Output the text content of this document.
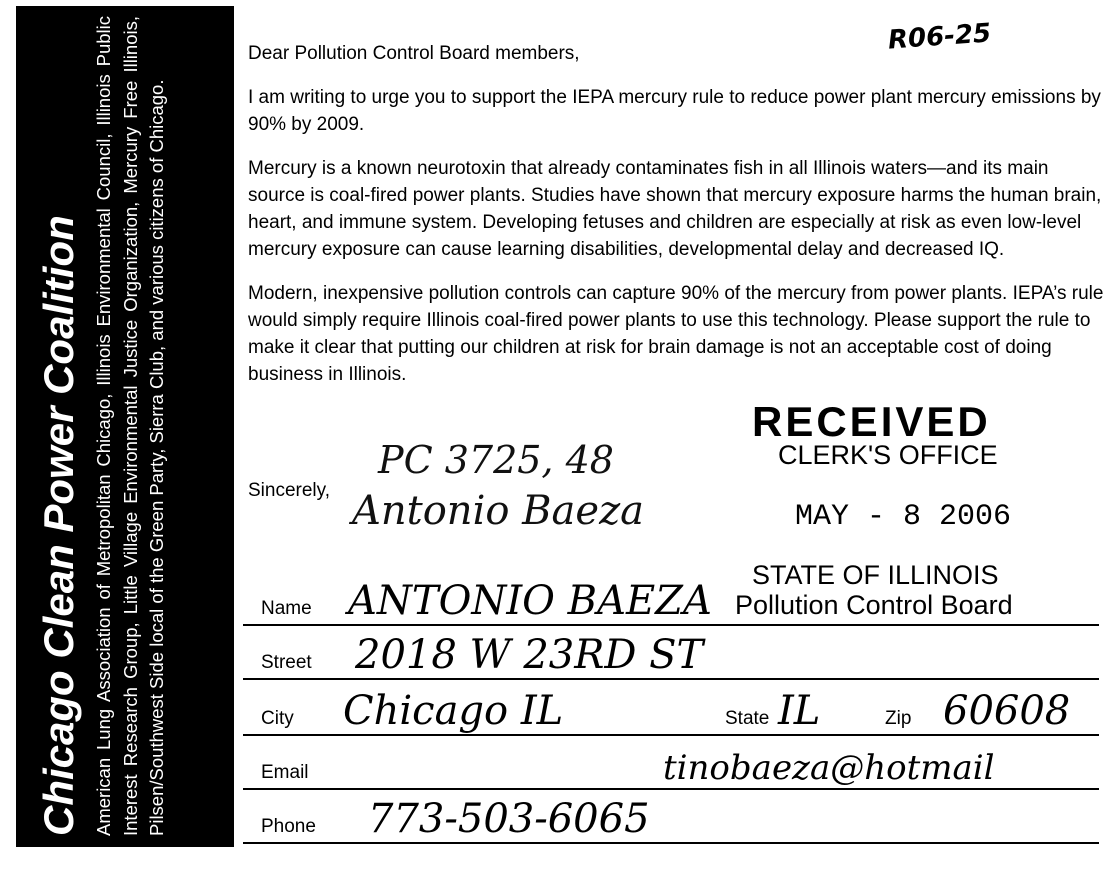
Chicago Clean Power Coalition American Lung Association of Metropolitan Chicago, Illinois Environmental Council, Illinois Public Interest Research Group, Little Village Environmental Justice Organization, Mercury Free Illinois, Pilsen/Southwest Side local of the Green Party, Sierra Club, and various citizens of Chicago.
R06-25

Dear Pollution Control Board members,

I am writing to urge you to support the IEPA mercury rule to reduce power plant mercury emissions by 90% by 2009.

Mercury is a known neurotoxin that already contaminates fish in all Illinois waters—and its main source is coal-fired power plants. Studies have shown that mercury exposure harms the human brain, heart, and immune system. Developing fetuses and children are especially at risk as even low-level mercury exposure can cause learning disabilities, developmental delay and decreased IQ.

Modern, inexpensive pollution controls can capture 90% of the mercury from power plants. IEPA’s rule would simply require Illinois coal-fired power plants to use this technology. Please support the rule to make it clear that putting our children at risk for brain damage is not an acceptable cost of doing business in Illinois.

Sincerely,
PC 3725, 48
Antonio Baeza
RECEIVED
CLERK'S OFFICE
MAY - 8 2006
STATE OF ILLINOIS
Pollution Control Board
Name ANTONIO BAEZA
Street 2018 W 23RD ST
City Chicago IL	State IL	Zip 60608
Email	tinobaeza@hotmail
Phone 773-503-6065
